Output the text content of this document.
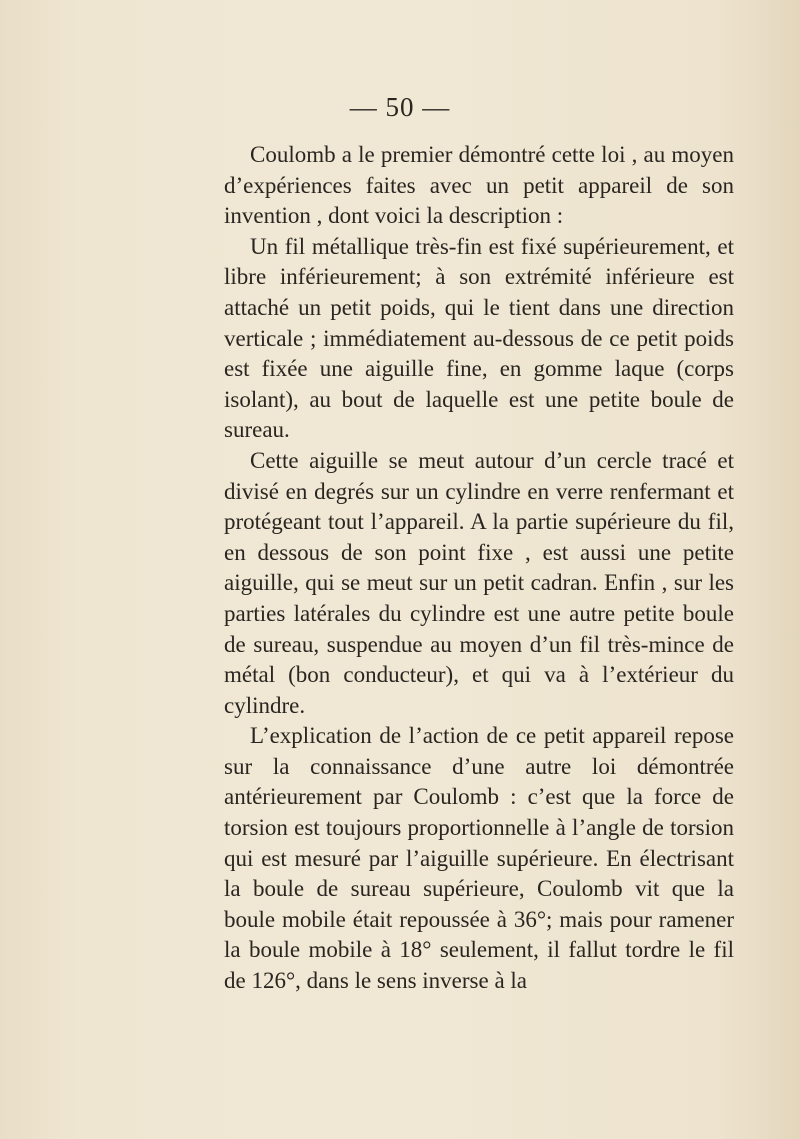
— 50 —

Coulomb a le premier démontré cette loi , au moyen d’expériences faites avec un petit appareil de son invention , dont voici la description :

Un fil métallique très-fin est fixé supérieurement, et libre inférieurement; à son extrémité inférieure est attaché un petit poids, qui le tient dans une direction verticale ; immédiatement au-dessous de ce petit poids est fixée une aiguille fine, en gomme laque (corps isolant), au bout de laquelle est une petite boule de sureau.

Cette aiguille se meut autour d’un cercle tracé et divisé en degrés sur un cylindre en verre renfermant et protégeant tout l’appareil. A la partie supérieure du fil, en dessous de son point fixe , est aussi une petite aiguille, qui se meut sur un petit cadran. Enfin , sur les parties latérales du cylindre est une autre petite boule de sureau, suspendue au moyen d’un fil très-mince de métal (bon conducteur), et qui va à l’extérieur du cylindre.

L’explication de l’action de ce petit appareil repose sur la connaissance d’une autre loi démontrée antérieurement par Coulomb : c’est que la force de torsion est toujours proportionnelle à l’angle de torsion qui est mesuré par l’aiguille supérieure. En électrisant la boule de sureau supérieure, Coulomb vit que la boule mobile était repoussée à 36°; mais pour ramener la boule mobile à 18° seulement, il fallut tordre le fil de 126°, dans le sens inverse à la
